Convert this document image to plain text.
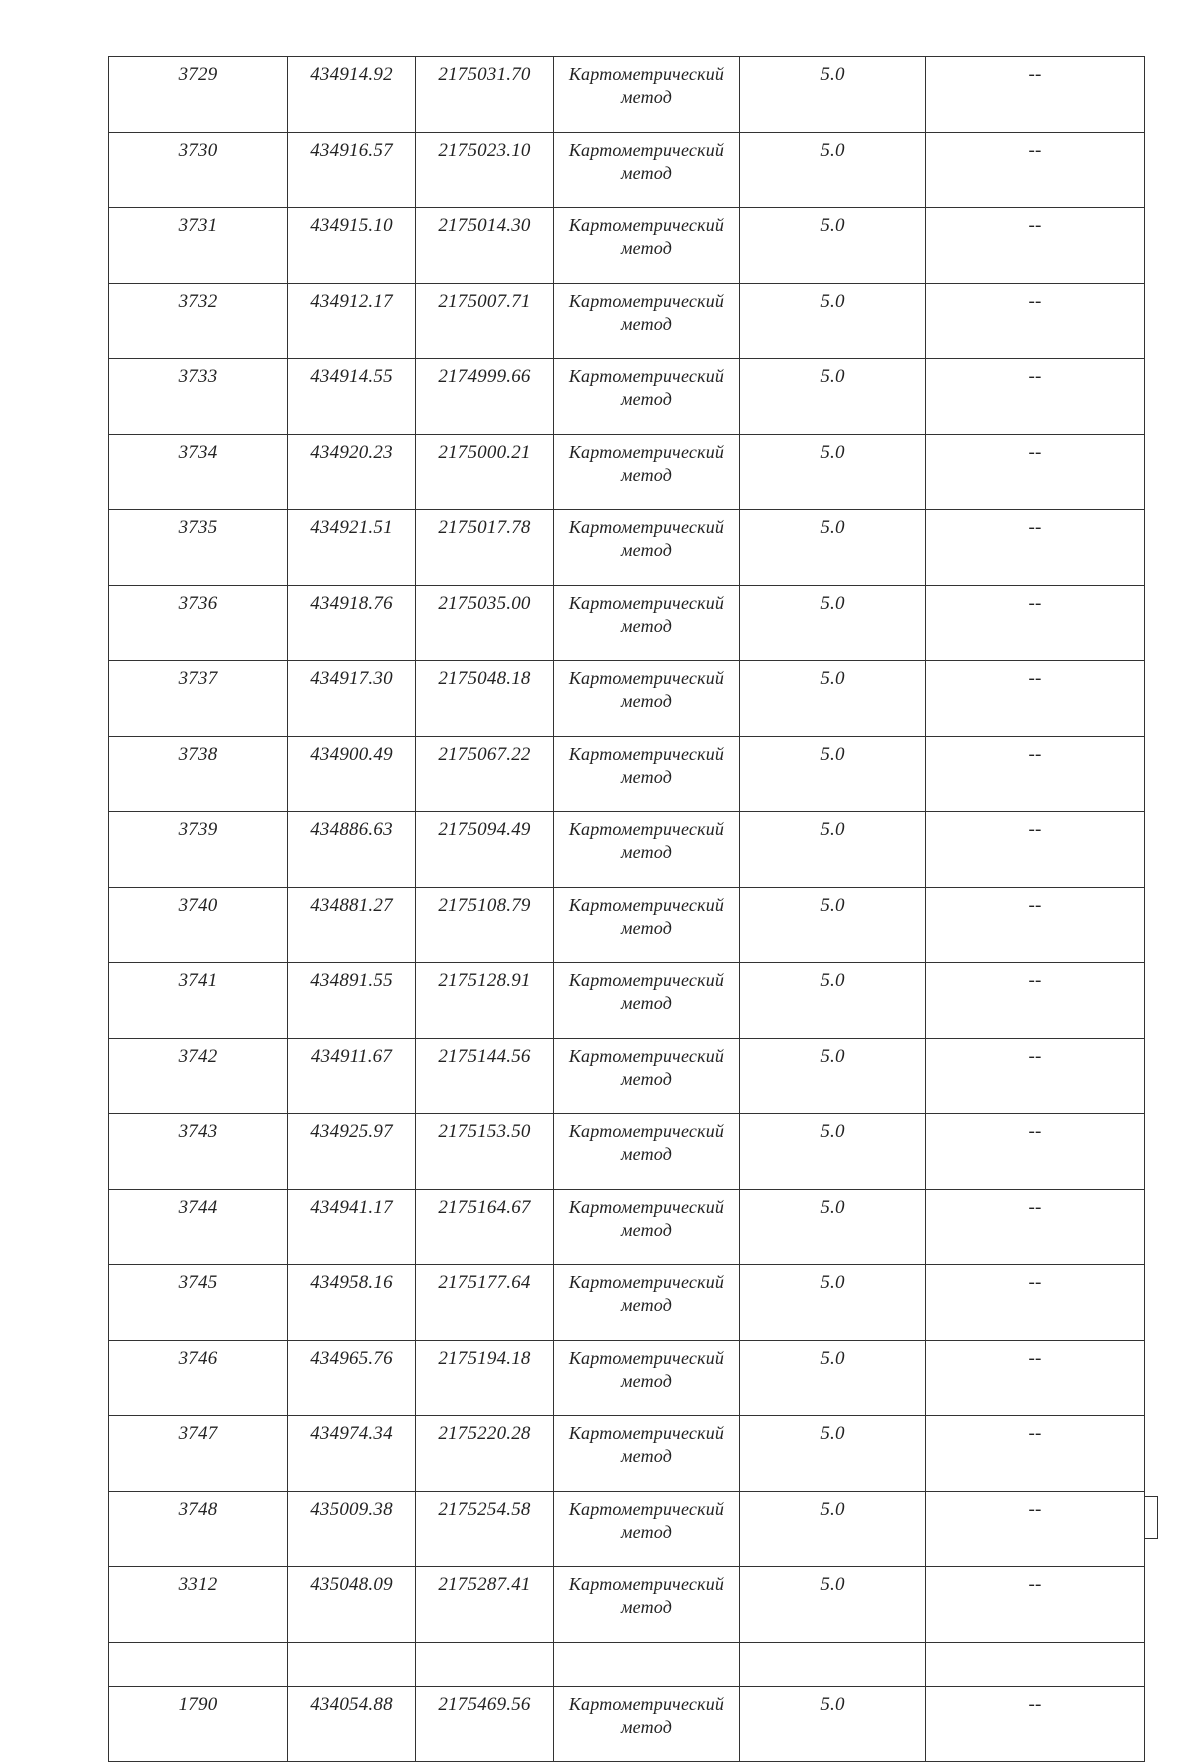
3729	434914.92	2175031.70	Картометрический метод	5.0	--
3730	434916.57	2175023.10	Картометрический метод	5.0	--
3731	434915.10	2175014.30	Картометрический метод	5.0	--
3732	434912.17	2175007.71	Картометрический метод	5.0	--
3733	434914.55	2174999.66	Картометрический метод	5.0	--
3734	434920.23	2175000.21	Картометрический метод	5.0	--
3735	434921.51	2175017.78	Картометрический метод	5.0	--
3736	434918.76	2175035.00	Картометрический метод	5.0	--
3737	434917.30	2175048.18	Картометрический метод	5.0	--
3738	434900.49	2175067.22	Картометрический метод	5.0	--
3739	434886.63	2175094.49	Картометрический метод	5.0	--
3740	434881.27	2175108.79	Картометрический метод	5.0	--
3741	434891.55	2175128.91	Картометрический метод	5.0	--
3742	434911.67	2175144.56	Картометрический метод	5.0	--
3743	434925.97	2175153.50	Картометрический метод	5.0	--
3744	434941.17	2175164.67	Картометрический метод	5.0	--
3745	434958.16	2175177.64	Картометрический метод	5.0	--
3746	434965.76	2175194.18	Картометрический метод	5.0	--
3747	434974.34	2175220.28	Картометрический метод	5.0	--
3748	435009.38	2175254.58	Картометрический метод	5.0	--
3312	435048.09	2175287.41	Картометрический метод	5.0	--

1790	434054.88	2175469.56	Картометрический метод	5.0	--
